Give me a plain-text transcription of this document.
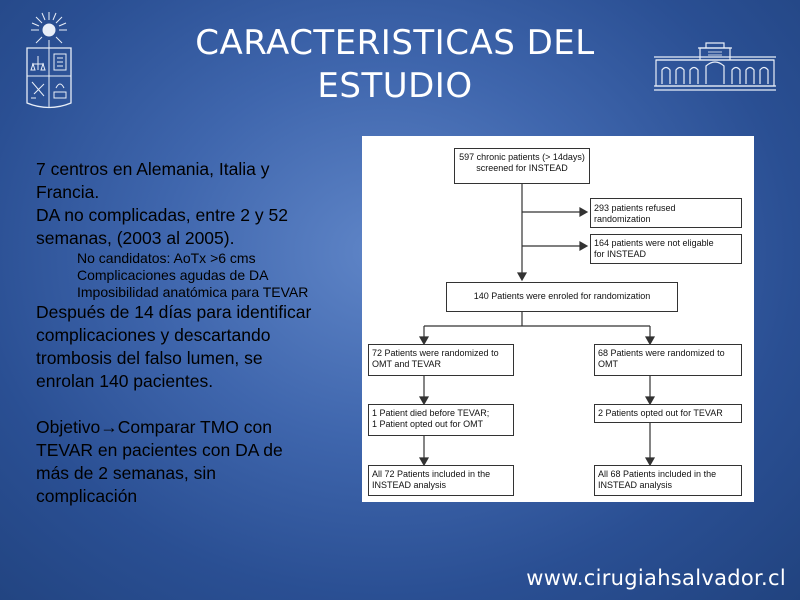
CARACTERISTICAS DEL
ESTUDIO

7 centros en Alemania, Italia y

Francia.

DA no complicadas, entre 2 y 52

semanas, (2003 al 2005).

No candidatos: AoTx >6 cms

Complicaciones agudas de DA

Imposibilidad anatómica para TEVAR

Después de 14 días para identificar

complicaciones y descartando

trombosis del falso lumen, se

enrolan 140 pacientes.

Objetivo→Comparar TMO con

TEVAR en pacientes con DA de

más de 2 semanas, sin

complicación

597 chronic patients (> 14days)
screened for INSTEAD
293 patients refused
randomization
164 patients were not eligable
for INSTEAD
140 Patients were enroled for randomization
72 Patients were randomized to
OMT and TEVAR
68 Patients were randomized to
OMT
1 Patient died before TEVAR;
1 Patient opted out for OMT
2 Patients opted out for TEVAR
All 72 Patients included in the
INSTEAD analysis
All 68 Patients included in the
INSTEAD analysis
www.cirugiahsalvador.cl
